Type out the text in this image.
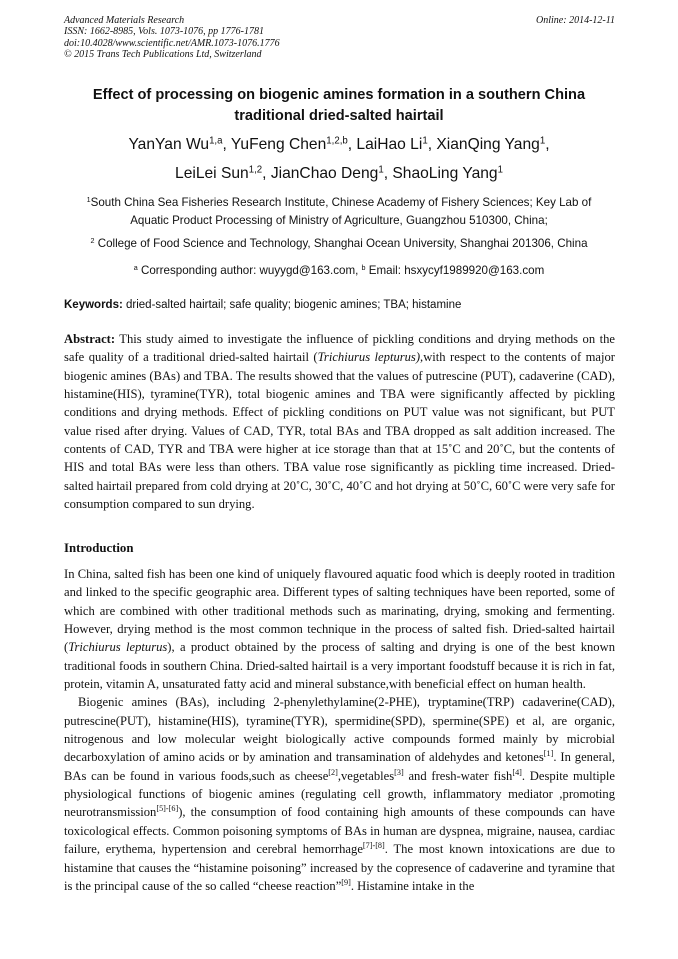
Advanced Materials Research
ISSN: 1662-8985, Vols. 1073-1076, pp 1776-1781
doi:10.4028/www.scientific.net/AMR.1073-1076.1776
© 2015 Trans Tech Publications Ltd, Switzerland
Online: 2014-12-11
Effect of processing on biogenic amines formation in a southern China
traditional dried-salted hairtail
YanYan Wu$^{1,a}$, YuFeng Chen$^{1,2,b}$, LaiHao Li$^1$, XianQing Yang$^1$,
LeiLei Sun$^{1,2}$, JianChao Deng$^1$, ShaoLing Yang$^1$
$^1$South China Sea Fisheries Research Institute, Chinese Academy of Fishery Sciences; Key Lab of
Aquatic Product Processing of Ministry of Agriculture, Guangzhou 510300, China;
$^2$ College of Food Science and Technology, Shanghai Ocean University, Shanghai 201306, China
$^a$ Corresponding author: wuyygd@163.com, $^b$ Email: hsxycyf1989920@163.com
Keywords: dried-salted hairtail; safe quality; biogenic amines; TBA; histamine

Abstract: This study aimed to investigate the influence of pickling conditions and drying methods on the safe quality of a traditional dried-salted hairtail (Trichiurus lepturus),with respect to the contents of major biogenic amines (BAs) and TBA. The results showed that the values of putrescine (PUT), cadaverine (CAD), histamine(HIS), tyramine(TYR), total biogenic amines and TBA were significantly affected by pickling conditions and drying methods. Effect of pickling conditions on PUT value was not significant, but PUT value rised after drying. Values of CAD, TYR, total BAs and TBA dropped as salt addition increased. The contents of CAD, TYR and TBA were higher at ice storage than that at 15˚C and 20˚C, but the contents of HIS and total BAs were less than others. TBA value rose significantly as pickling time increased. Dried-salted hairtail prepared from cold drying at 20˚C, 30˚C, 40˚C and hot drying at 50˚C, 60˚C were very safe for consumption compared to sun drying.

Introduction

In China, salted fish has been one kind of uniquely flavoured aquatic food which is deeply rooted in tradition and linked to the specific geographic area. Different types of salting techniques have been reported, some of which are combined with other traditional methods such as marinating, drying, smoking and fermenting. However, drying method is the most common technique in the process of salted fish. Dried-salted hairtail (Trichiurus lepturus), a product obtained by the process of salting and drying is one of the best known traditional foods in southern China. Dried-salted hairtail is a very important foodstuff because it is rich in fat, protein, vitamin A, unsaturated fatty acid and mineral substance,with beneficial effect on human health.

Biogenic amines (BAs), including 2-phenylethylamine(2-PHE), tryptamine(TRP) cadaverine(CAD), putrescine(PUT), histamine(HIS), tyramine(TYR), spermidine(SPD), spermine(SPE) et al, are organic, nitrogenous and low molecular weight biologically active compounds formed mainly by microbial decarboxylation of amino acids or by amination and transamination of aldehydes and ketones[1]. In general, BAs can be found in various foods,such as cheese[2],vegetables[3] and fresh-water fish[4]. Despite multiple physiological functions of biogenic amines (regulating cell growth, inflammatory mediator ,promoting neurotransmission[5]-[6]), the consumption of food containing high amounts of these compounds can have toxicological effects. Common poisoning symptoms of BAs in human are dyspnea, migraine, nausea, cardiac failure, erythema, hypertension and cerebral hemorrhage[7]-[8]. The most known intoxications are due to histamine that causes the “histamine poisoning” increased by the copresence of cadaverine and tyramine that is the principal cause of the so called “cheese reaction”[9]. Histamine intake in the
